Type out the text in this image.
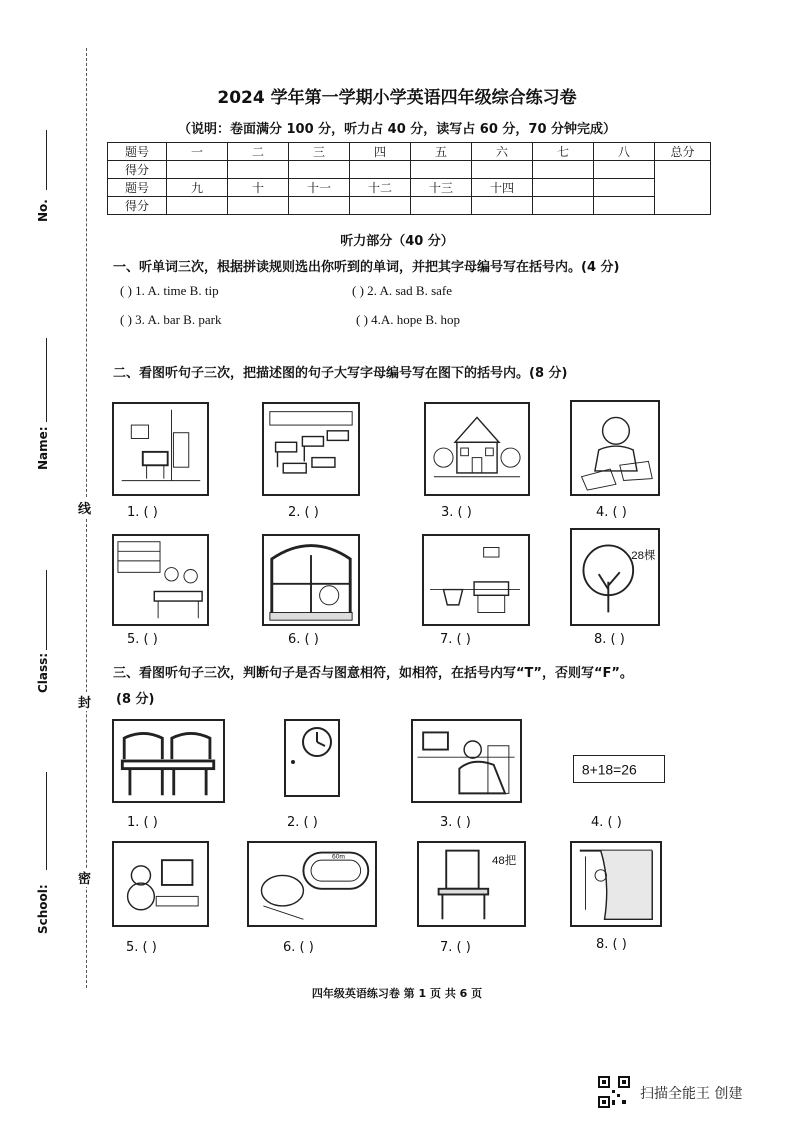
No.
Name:
Class:
School:
线
封
密
2024 学年第一学期小学英语四年级综合练习卷
（说明：卷面满分 100 分，听力占 40 分，读写占 60 分，70 分钟完成）
题号	一	二	三	四	五	六	七	八	总分
得分									
题号	九	十	十一	十二	十三	十四			
得分									
听力部分（40 分）
一、听单词三次，根据拼读规则选出你听到的单词，并把其字母编号写在括号内。(4 分)
( ) 1. A. time B. tip	( ) 2. A. sad B. safe
( ) 3. A. bar B. park	( ) 4.A. hope B. hop
二、看图听句子三次，把描述图的句子大写字母编号写在图下的括号内。(8 分)
1. ( )	2. ( )	3. ( )	4. ( )
28棵
5. ( )	6. ( )	7. ( )	8. ( )
三、看图听句子三次，判断句子是否与图意相符，如相符，在括号内写“T”，否则写“F”。
(8 分)
8+18=26
1. ( )	2. ( )	3. ( )	4. ( )
60m	48把
5. ( )	6. ( )	7. ( )	8. ( )
四年级英语练习卷 第 1 页 共 6 页
扫描全能王 创建
